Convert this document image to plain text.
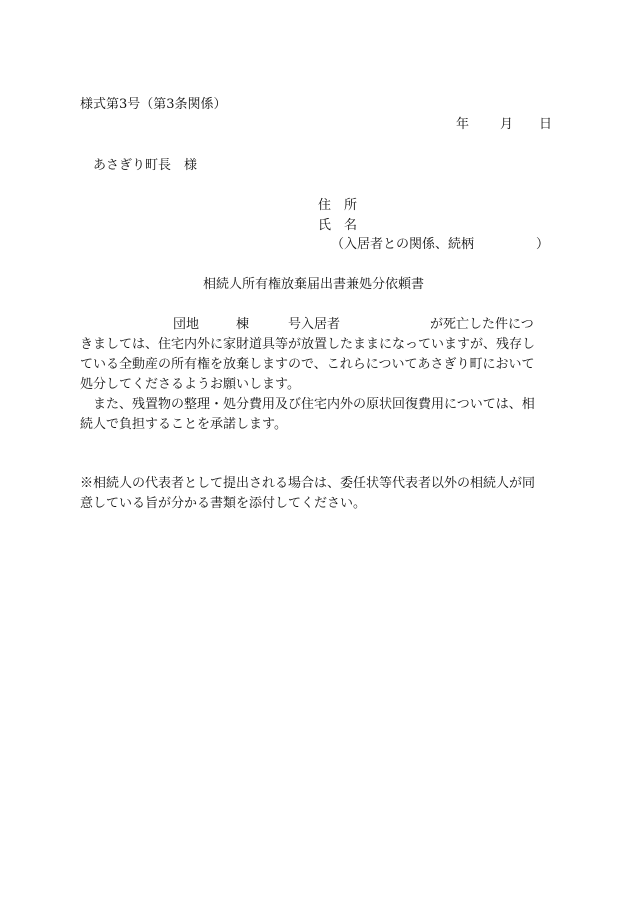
様式第3号（第3条関係）
年 月 日
あさぎり町長　様
住　所
氏　名
（入居者との関係、続柄	）
相続人所有権放棄届出書兼処分依頼書
団地	棟	号入居者	が死亡した件につ
きましては、住宅内外に家財道具等が放置したままになっていますが、残存し
ている全動産の所有権を放棄しますので、これらについてあさぎり町において
処分してくださるようお願いします。
　また、残置物の整理・処分費用及び住宅内外の原状回復費用については、相
続人で負担することを承諾します。
※相続人の代表者として提出される場合は、委任状等代表者以外の相続人が同
意している旨が分かる書類を添付してください。
